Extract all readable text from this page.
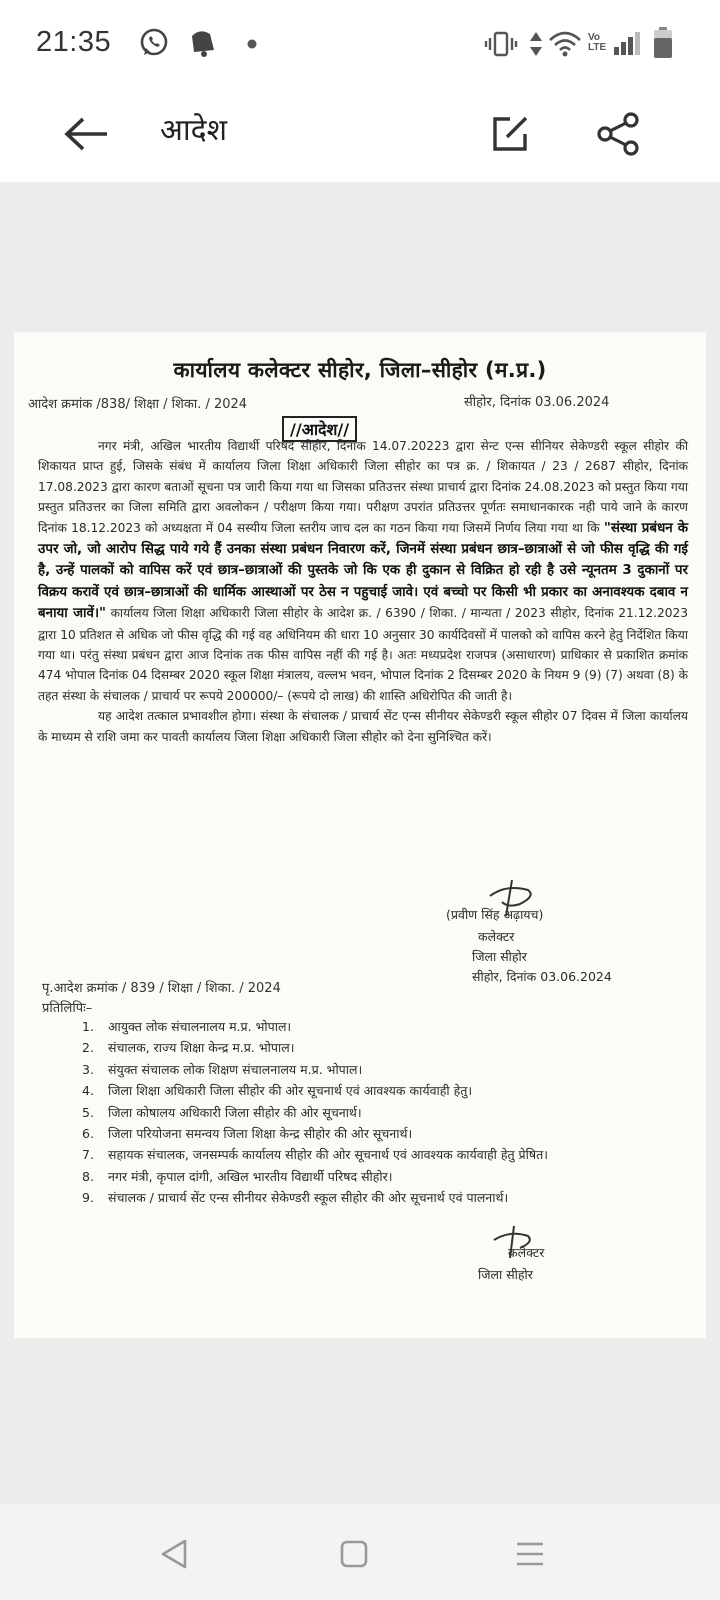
21:35	Vo LTE
आदेश
कार्यालय कलेक्टर सीहोर, जिला–सीहोर (म.प्र.)
आदेश क्रमांक /838/ शिक्षा / शिका. / 2024	सीहोर, दिनांक 03.06.2024
//आदेश//
नगर मंत्री, अखिल भारतीय विद्यार्थी परिषद सीहोर, दिनांक 14.07.20223 द्वारा सेन्ट एन्स सीनियर सेकेण्डरी स्कूल सीहोर की शिकायत प्राप्त हुई, जिसके संबंध में कार्यालय जिला शिक्षा अधिकारी जिला सीहोर का पत्र क्र. / शिकायत / 23 / 2687 सीहोर, दिनांक 17.08.2023 द्वारा कारण बताओं सूचना पत्र जारी किया गया था जिसका प्रतिउत्तर संस्था प्राचार्य द्वारा दिनांक 24.08.2023 को प्रस्तुत किया गया प्रस्तुत प्रतिउत्तर का जिला समिति द्वारा अवलोकन / परीक्षण किया गया। परीक्षण उपरांत प्रतिउत्तर पूर्णतः समाधानकारक नही पाये जाने के कारण दिनांक 18.12.2023 को अध्यक्षता में 04 सस्यीय जिला स्तरीय जाच दल का गठन किया गया जिसमें निर्णय लिया गया था कि "संस्था प्रबंधन के उपर जो, जो आरोप सिद्ध पाये गये हैं उनका संस्था प्रबंधन निवारण करें, जिनमें संस्था प्रबंधन छात्र–छात्राओं से जो फीस वृद्धि की गई है, उन्हें पालकों को वापिस करें एवं छात्र–छात्राओं की पुस्तके जो कि एक ही दुकान से विक्रित हो रही है उसे न्यूनतम 3 दुकानों पर विक्रय करावें एवं छात्र–छात्राओं की धार्मिक आस्थाओं पर ठेस न पहुचाई जावे। एवं बच्चो पर किसी भी प्रकार का अनावश्यक दबाव न बनाया जावें।" कार्यालय जिला शिक्षा अधिकारी जिला सीहोर के आदेश क्र. / 6390 / शिका. / मान्यता / 2023 सीहोर, दिनांक 21.12.2023 द्वारा 10 प्रतिशत से अधिक जो फीस वृद्धि की गई वह अधिनियम की धारा 10 अनुसार 30 कार्यदिवसों में पालको को वापिस करने हेतु निर्देशित किया गया था। परंतु संस्था प्रबंधन द्वारा आज दिनांक तक फीस वापिस नहीं की गई है। अतः मध्यप्रदेश राजपत्र (असाधारण) प्राधिकार से प्रकाशित क्रमांक 474 भोपाल दिनांक 04 दिसम्बर 2020 स्कूल शिक्षा मंत्रालय, वल्लभ भवन, भोपाल दिनांक 2 दिसम्बर 2020 के नियम 9 (9) (7) अथवा (8) के तहत संस्था के संचालक / प्राचार्य पर रूपये 200000/– (रूपये दो लाख) की शास्ति अधिरोपित की जाती है।
यह आदेश तत्काल प्रभावशील होगा। संस्था के संचालक / प्राचार्य सेंट एन्स सीनीयर सेकेण्डरी स्कूल सीहोर 07 दिवस में जिला कार्यालय के माध्यम से राशि जमा कर पावती कार्यालय जिला शिक्षा अधिकारी जिला सीहोर को देना सुनिश्चित करें।
(प्रवीण सिंह अढ़ायच)
कलेक्टर
जिला सीहोर
सीहोर, दिनांक 03.06.2024
पृ.आदेश क्रमांक / 839 / शिक्षा / शिका. / 2024
प्रतिलिपिः–
1.	आयुक्त लोक संचालनालय म.प्र. भोपाल।
2.	संचालक, राज्य शिक्षा केन्द्र म.प्र. भोपाल।
3.	संयुक्त संचालक लोक शिक्षण संचालनालय म.प्र. भोपाल।
4.	जिला शिक्षा अधिकारी जिला सीहोर की ओर सूचनार्थ एवं आवश्यक कार्यवाही हेतु।
5.	जिला कोषालय अधिकारी जिला सीहोर की ओर सूचनार्थ।
6.	जिला परियोजना समन्वय जिला शिक्षा केन्द्र सीहोर की ओर सूचनार्थ।
7.	सहायक संचालक, जनसम्पर्क कार्यालय सीहोर की ओर सूचनार्थ एवं आवश्यक कार्यवाही हेतु प्रेषित।
8.	नगर मंत्री, कृपाल दांगी, अखिल भारतीय विद्यार्थी परिषद सीहोर।
9.	संचालक / प्राचार्य सेंट एन्स सीनीयर सेकेण्डरी स्कूल सीहोर की ओर सूचनार्थ एवं पालनार्थ।
कलेक्टर
जिला सीहोर
